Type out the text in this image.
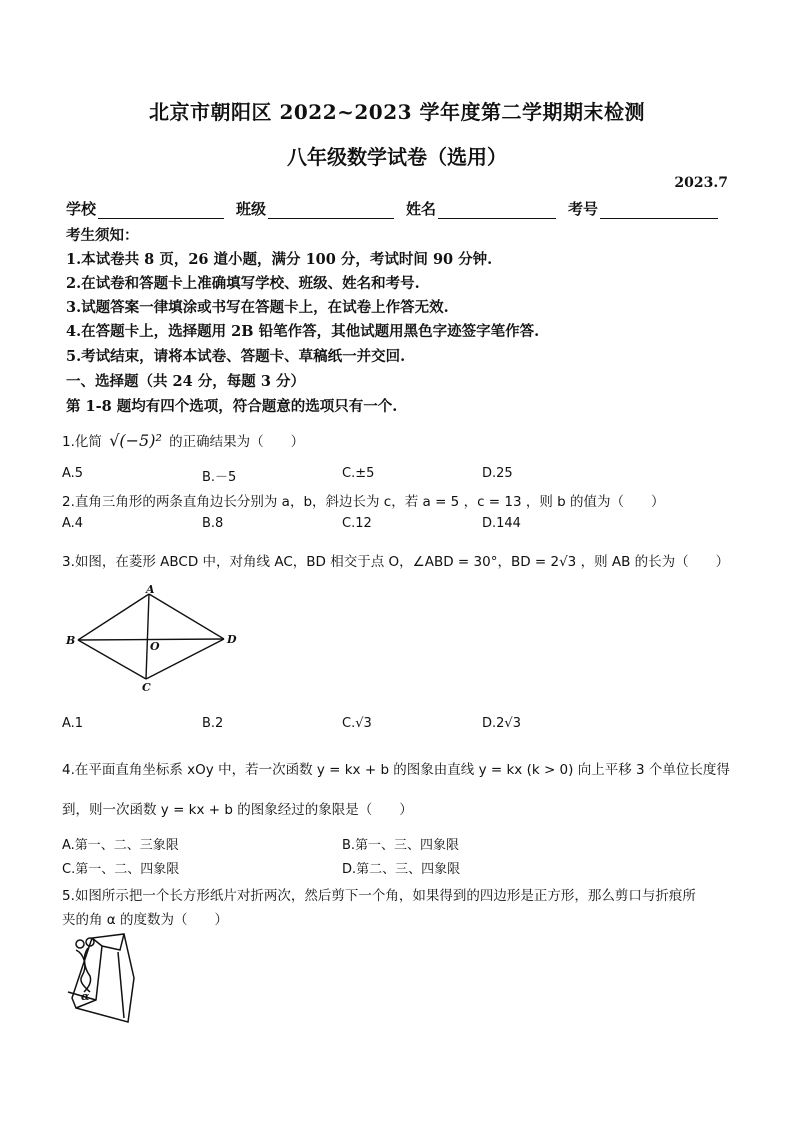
北京市朝阳区 2022~2023 学年度第二学期期末检测
八年级数学试卷（选用）
2023.7
学校	班级	姓名	考号
考生须知：
1.本试卷共 8 页，26 道小题，满分 100 分，考试时间 90 分钟.
2.在试卷和答题卡上准确填写学校、班级、姓名和考号.
3.试题答案一律填涂或书写在答题卡上，在试卷上作答无效.
4.在答题卡上，选择题用 2B 铅笔作答，其他试题用黑色字迹签字笔作答.
5.考试结束，请将本试卷、答题卡、草稿纸一并交回.
一、选择题（共 24 分，每题 3 分）
第 1-8 题均有四个选项，符合题意的选项只有一个.
1.化简 √(−5)² 的正确结果为（　　）
A.5	B.－5	C.±5	D.25
2.直角三角形的两条直角边长分别为 a，b，斜边长为 c，若 a = 5 ，c = 13 ，则 b 的值为（　　）
A.4	B.8	C.12	D.144
3.如图，在菱形 ABCD 中，对角线 AC，BD 相交于点 O，∠ABD = 30°，BD = 2√3 ，则 AB 的长为（　　）
A
B
C
D
O
A.1	B.2	C.√3	D.2√3
4.在平面直角坐标系 xOy 中，若一次函数 y = kx + b 的图象由直线 y = kx (k > 0) 向上平移 3 个单位长度得
到，则一次函数 y = kx + b 的图象经过的象限是（　　）
A.第一、二、三象限	B.第一、三、四象限
C.第一、二、四象限	D.第二、三、四象限
5.如图所示把一个长方形纸片对折两次，然后剪下一个角，如果得到的四边形是正方形，那么剪口与折痕所
夹的角 α 的度数为（　　）
α
